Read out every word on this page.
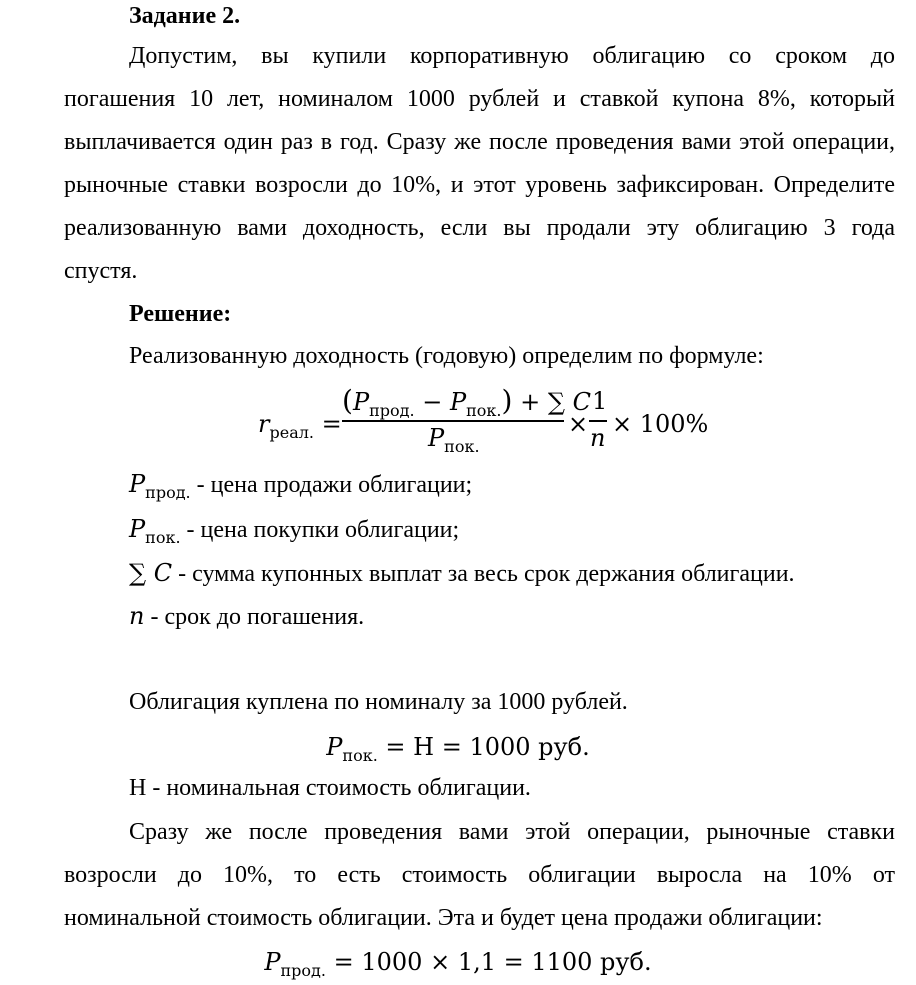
Задание 2.
Допустим, вы купили корпоративную облигацию со сроком до
погашения 10 лет, номиналом 1000 рублей и ставкой купона 8%, который
выплачивается один раз в год. Сразу же после проведения вами этой операции,
рыночные ставки возросли до 10%, и этот уровень зафиксирован. Определите
реализованную вами доходность, если вы продали эту облигацию 3 года
спустя.
Решение:
Реализованную доходность (годовую) определим по формуле:
$r_{реал.}$ =
$(P_{прод.} - P_{пок.})$ + ∑ C
$P_{пок.}$
×
1
n × 100%
$P_{прод.}$ - цена продажи облигации;
$P_{пок.}$ - цена покупки облигации;
∑ C - сумма купонных выплат за весь срок держания облигации.
n - срок до погашения.
Облигация куплена по номиналу за 1000 рублей.
$P_{пок.} = Н = 1000$ руб.
Н - номинальная стоимость облигации.
Сразу же после проведения вами этой операции, рыночные ставки
возросли до 10%, то есть стоимость облигации выросла на 10% от
номинальной стоимость облигации. Эта и будет цена продажи облигации:
$P_{прод.} = 1000 \times 1,1 = 1100$ руб.
